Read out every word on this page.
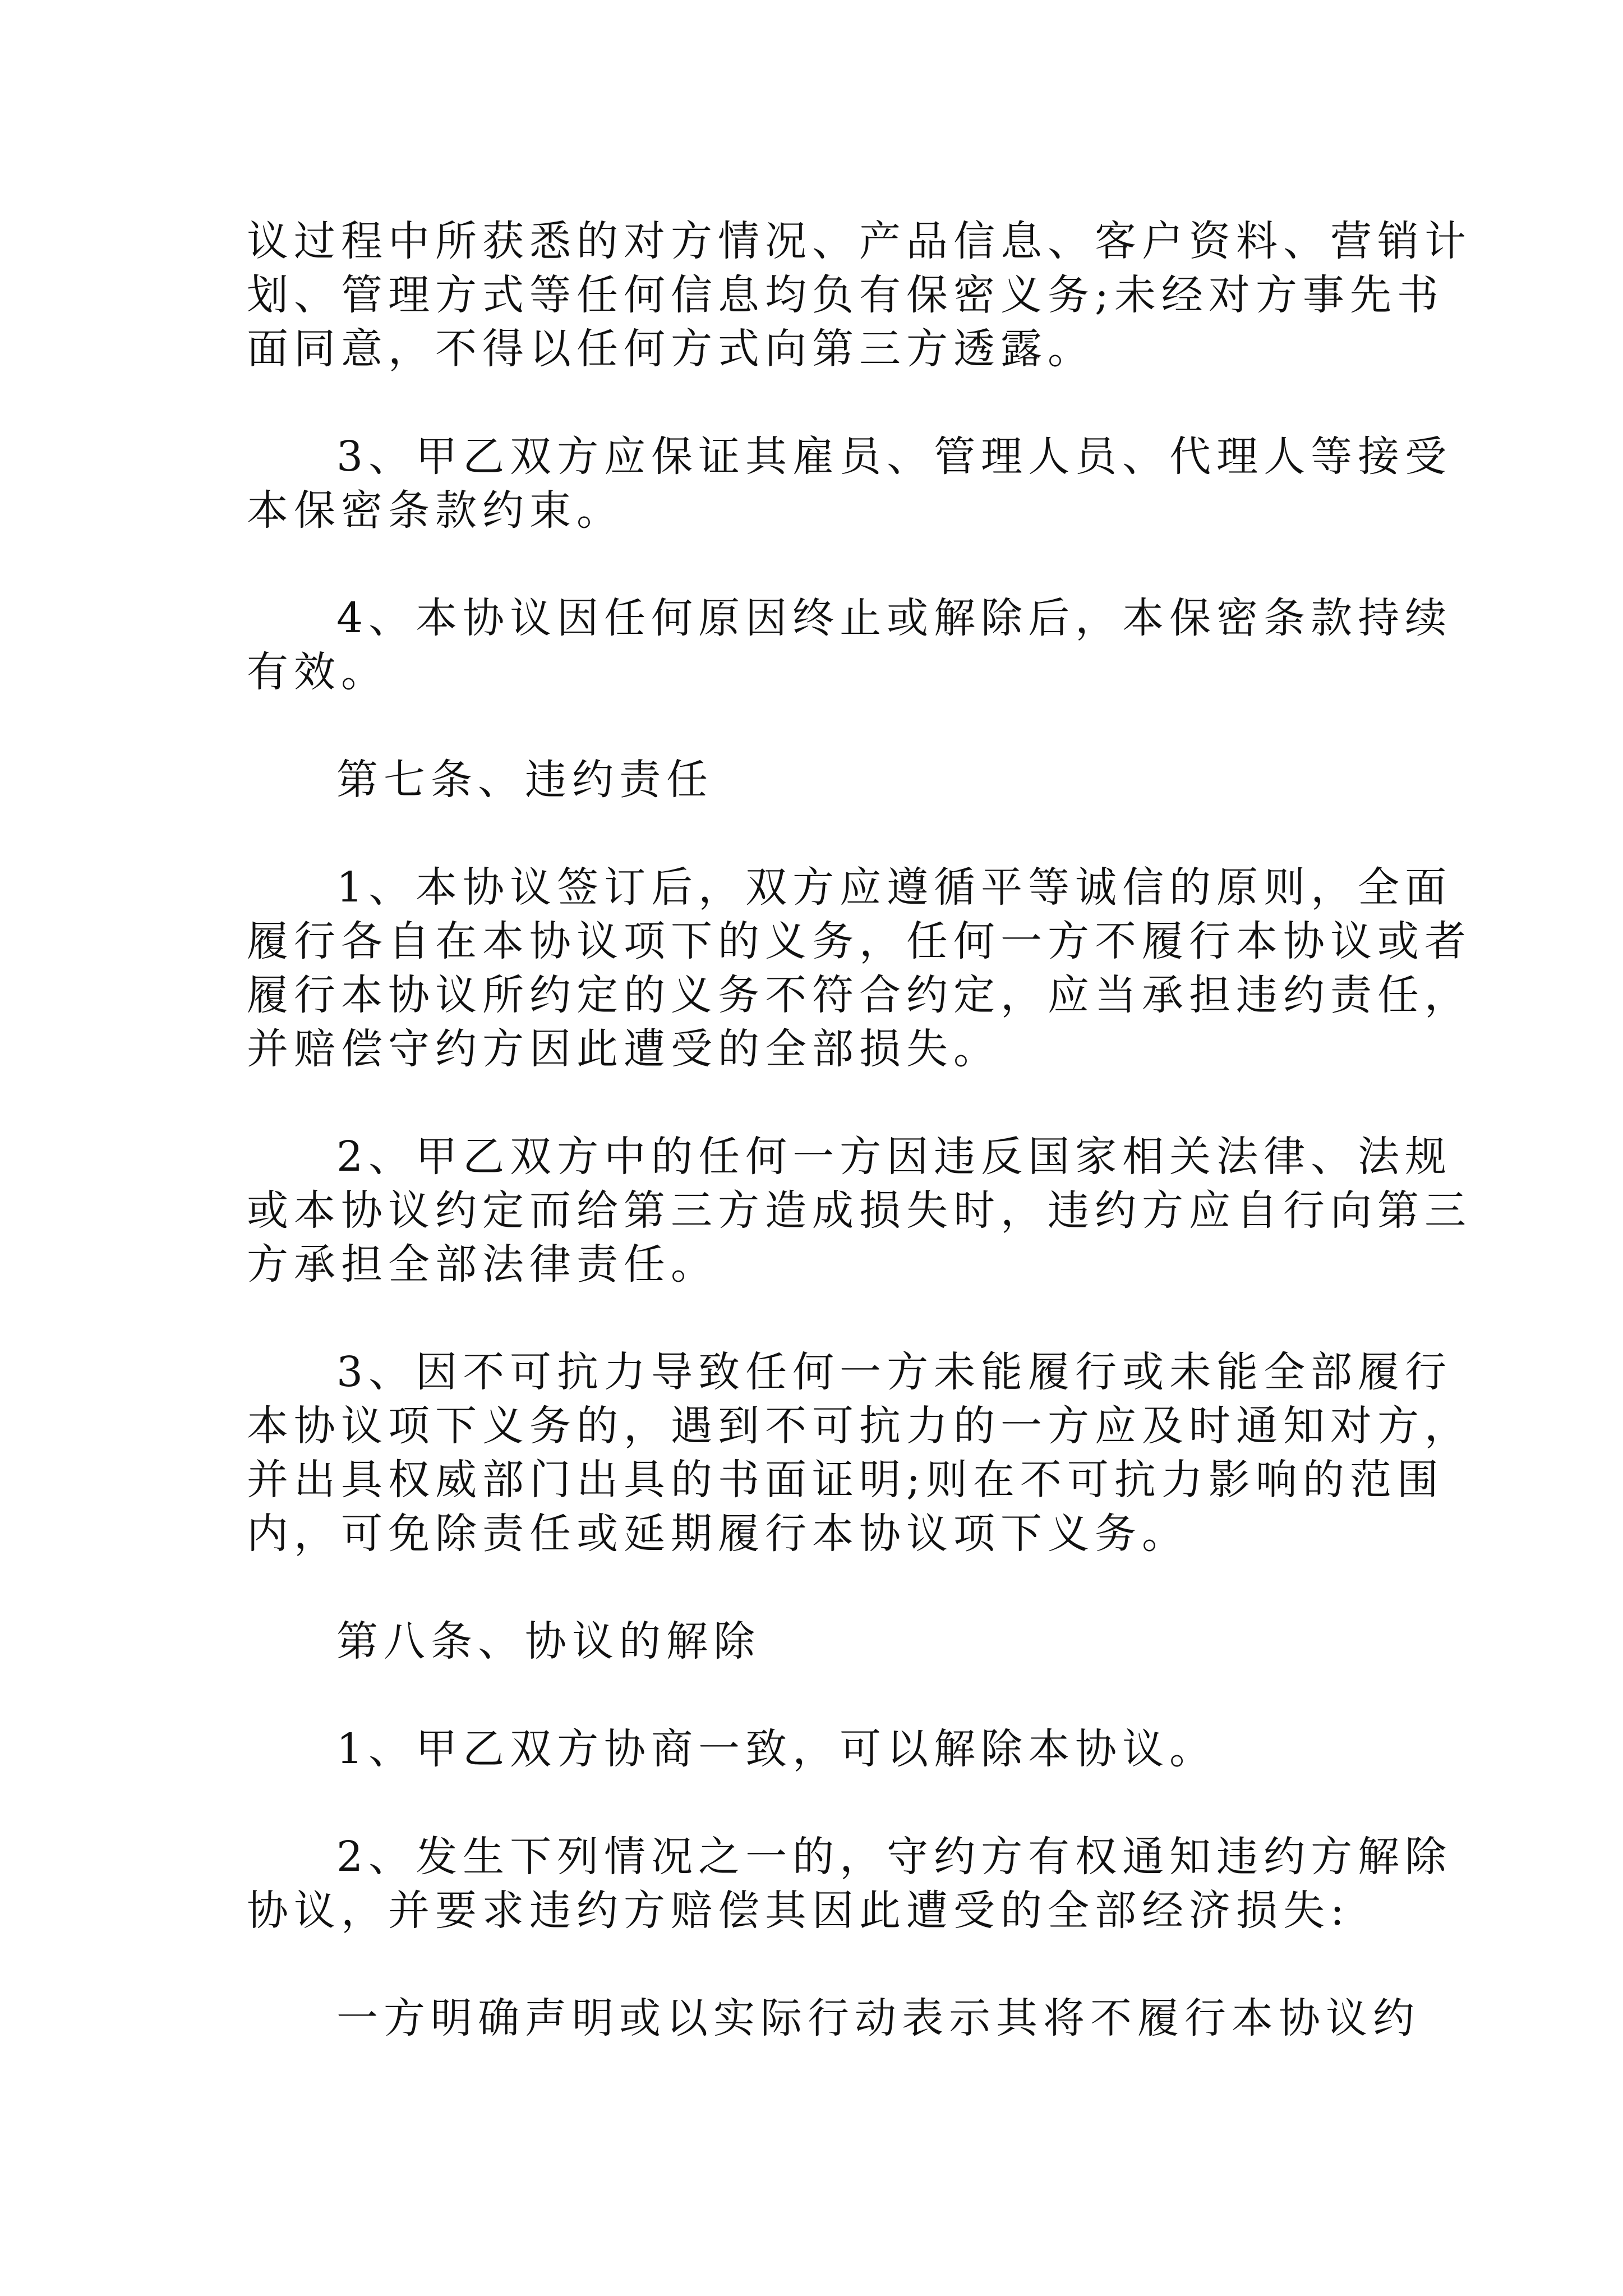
议过程中所获悉的对方情况、产品信息、客户资料、营销计
划、管理方式等任何信息均负有保密义务;未经对方事先书
面同意，不得以任何方式向第三方透露。
3、甲乙双方应保证其雇员、管理人员、代理人等接受
本保密条款约束。
4、本协议因任何原因终止或解除后，本保密条款持续
有效。
第七条、违约责任
1、本协议签订后，双方应遵循平等诚信的原则，全面
履行各自在本协议项下的义务，任何一方不履行本协议或者
履行本协议所约定的义务不符合约定，应当承担违约责任，
并赔偿守约方因此遭受的全部损失。
2、甲乙双方中的任何一方因违反国家相关法律、法规
或本协议约定而给第三方造成损失时，违约方应自行向第三
方承担全部法律责任。
3、因不可抗力导致任何一方未能履行或未能全部履行
本协议项下义务的，遇到不可抗力的一方应及时通知对方，
并出具权威部门出具的书面证明;则在不可抗力影响的范围
内，可免除责任或延期履行本协议项下义务。
第八条、协议的解除
1、甲乙双方协商一致，可以解除本协议。
2、发生下列情况之一的，守约方有权通知违约方解除
协议，并要求违约方赔偿其因此遭受的全部经济损失:
一方明确声明或以实际行动表示其将不履行本协议约
